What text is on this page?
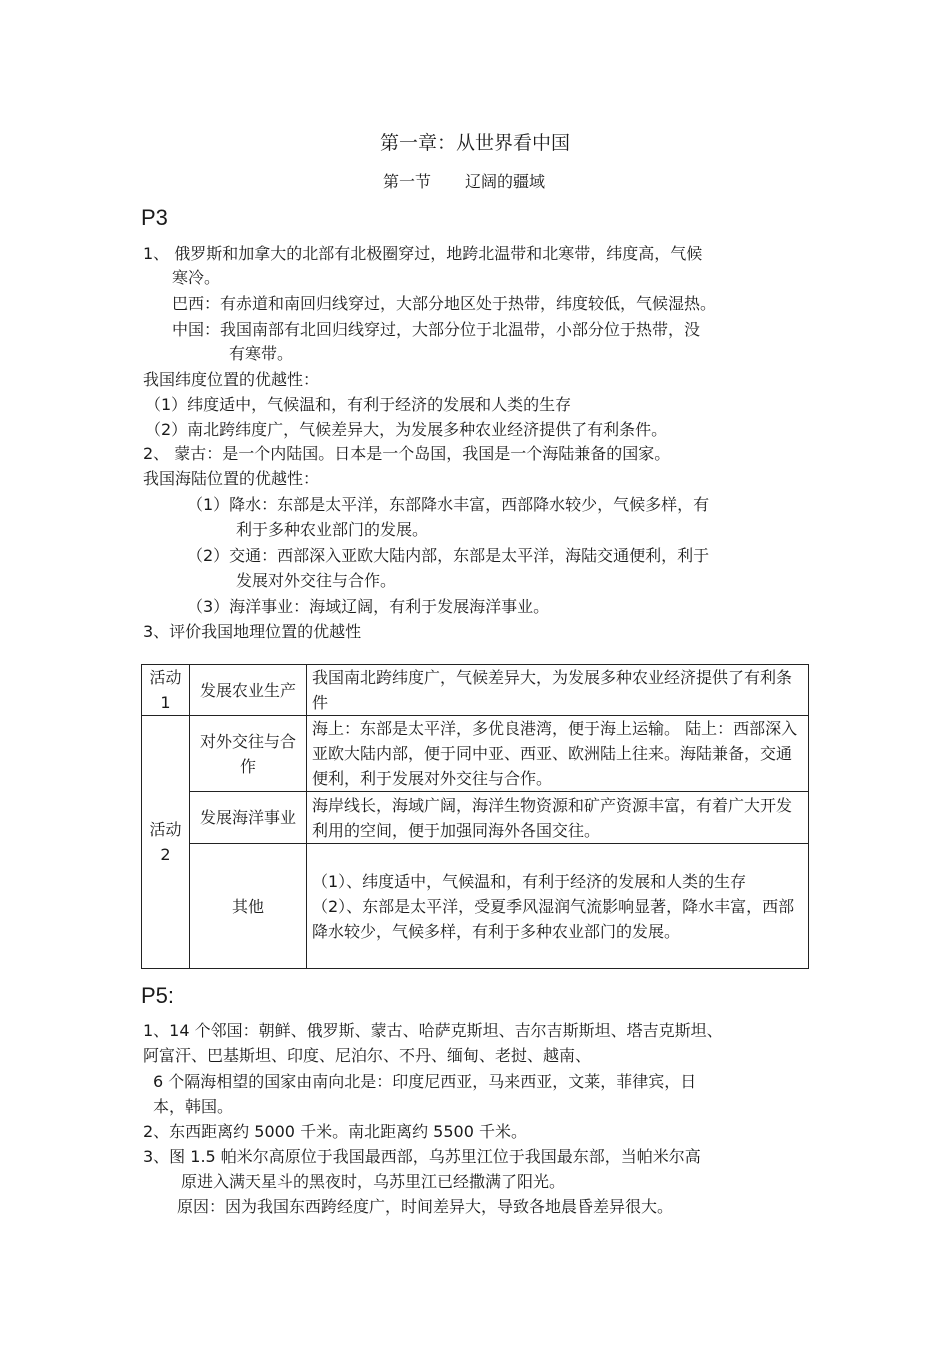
第一章：从世界看中国
第一节 辽阔的疆域
P3
1、 俄罗斯和加拿大的北部有北极圈穿过，地跨北温带和北寒带，纬度高，气候
寒冷。
巴西：有赤道和南回归线穿过，大部分地区处于热带，纬度较低，气候湿热。
中国：我国南部有北回归线穿过，大部分位于北温带，小部分位于热带，没
有寒带。
我国纬度位置的优越性：
（1）纬度适中，气候温和，有利于经济的发展和人类的生存
（2）南北跨纬度广，气候差异大，为发展多种农业经济提供了有利条件。
2、 蒙古：是一个内陆国。日本是一个岛国，我国是一个海陆兼备的国家。
我国海陆位置的优越性：
（1）降水：东部是太平洋，东部降水丰富，西部降水较少，气候多样，有
利于多种农业部门的发展。
（2）交通：西部深入亚欧大陆内部，东部是太平洋，海陆交通便利，利于
发展对外交往与合作。
（3）海洋事业：海域辽阔，有利于发展海洋事业。
3、评价我国地理位置的优越性
活动 1	发展农业生产	我国南北跨纬度广，气候差异大，为发展多种农业经济提供了有利条件
活动 2	对外交往与合作	海上：东部是太平洋，多优良港湾，便于海上运输。 陆上：西部深入亚欧大陆内部，便于同中亚、西亚、欧洲陆上往来。海陆兼备，交通便利，利于发展对外交往与合作。
	发展海洋事业	海岸线长，海域广阔，海洋生物资源和矿产资源丰富，有着广大开发利用的空间，便于加强同海外各国交往。
	其他	（1）、纬度适中，气候温和，有利于经济的发展和人类的生存
（2）、东部是太平洋，受夏季风湿润气流影响显著，降水丰富，西部降水较少，气候多样，有利于多种农业部门的发展。
P5:
1、14 个邻国：朝鲜、俄罗斯、蒙古、哈萨克斯坦、吉尔吉斯斯坦、塔吉克斯坦、
阿富汗、巴基斯坦、印度、尼泊尔、不丹、缅甸、老挝、越南、
6 个隔海相望的国家由南向北是：印度尼西亚，马来西亚，文莱，菲律宾，日
本，韩国。
2、东西距离约 5000 千米。南北距离约 5500 千米。
3、图 1.5 帕米尔高原位于我国最西部，乌苏里江位于我国最东部，当帕米尔高
原进入满天星斗的黑夜时，乌苏里江已经撒满了阳光。
原因：因为我国东西跨经度广，时间差异大，导致各地晨昏差异很大。
